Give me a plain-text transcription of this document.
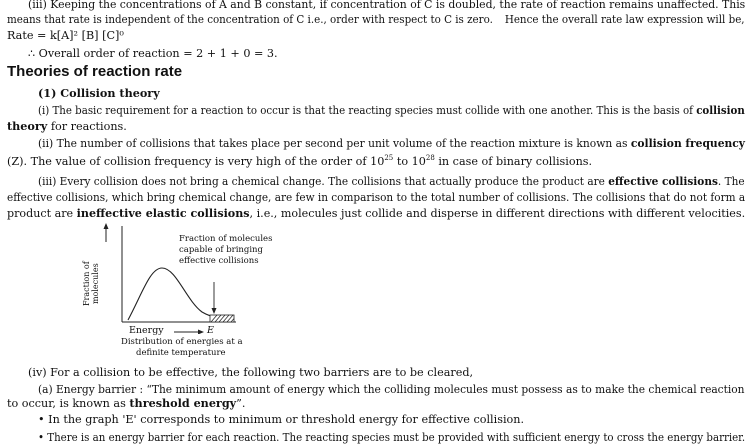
(iii) Keeping the concentrations of A and B constant, if concentration of C is doubled, the rate of reaction remains unaffected. This
means that rate is independent of the concentration of C i.e., order with respect to C is zero. Hence the overall rate law expression will be,
Rate = k[A]² [B] [C]⁰
∴ Overall order of reaction = 2 + 1 + 0 = 3.
Theories of reaction rate
(1) Collision theory
(i) The basic requirement for a reaction to occur is that the reacting species must collide with one another. This is the basis of collision
theory for reactions.
(ii) The number of collisions that takes place per second per unit volume of the reaction mixture is known as collision frequency
(Z). The value of collision frequency is very high of the order of $10^{25}$ to $10^{28}$ in case of binary collisions.
(iii) Every collision does not bring a chemical change. The collisions that actually produce the product are effective collisions. The
effective collisions, which bring chemical change, are few in comparison to the total number of collisions. The collisions that do not form a
product are ineffective elastic collisions, i.e., molecules just collide and disperse in different directions with different velocities.
Fraction of molecules
capable of bringing
effective collisions
Fraction of
molecules
Energy	E
Distribution of energies at a
definite temperature
(iv) For a collision to be effective, the following two barriers are to be cleared,
(a) Energy barrier : “The minimum amount of energy which the colliding molecules must possess as to make the chemical reaction
to occur, is known as threshold energy”.
• In the graph 'E' corresponds to minimum or threshold energy for effective collision.
• There is an energy barrier for each reaction. The reacting species must be provided with sufficient energy to cross the energy barrier.
